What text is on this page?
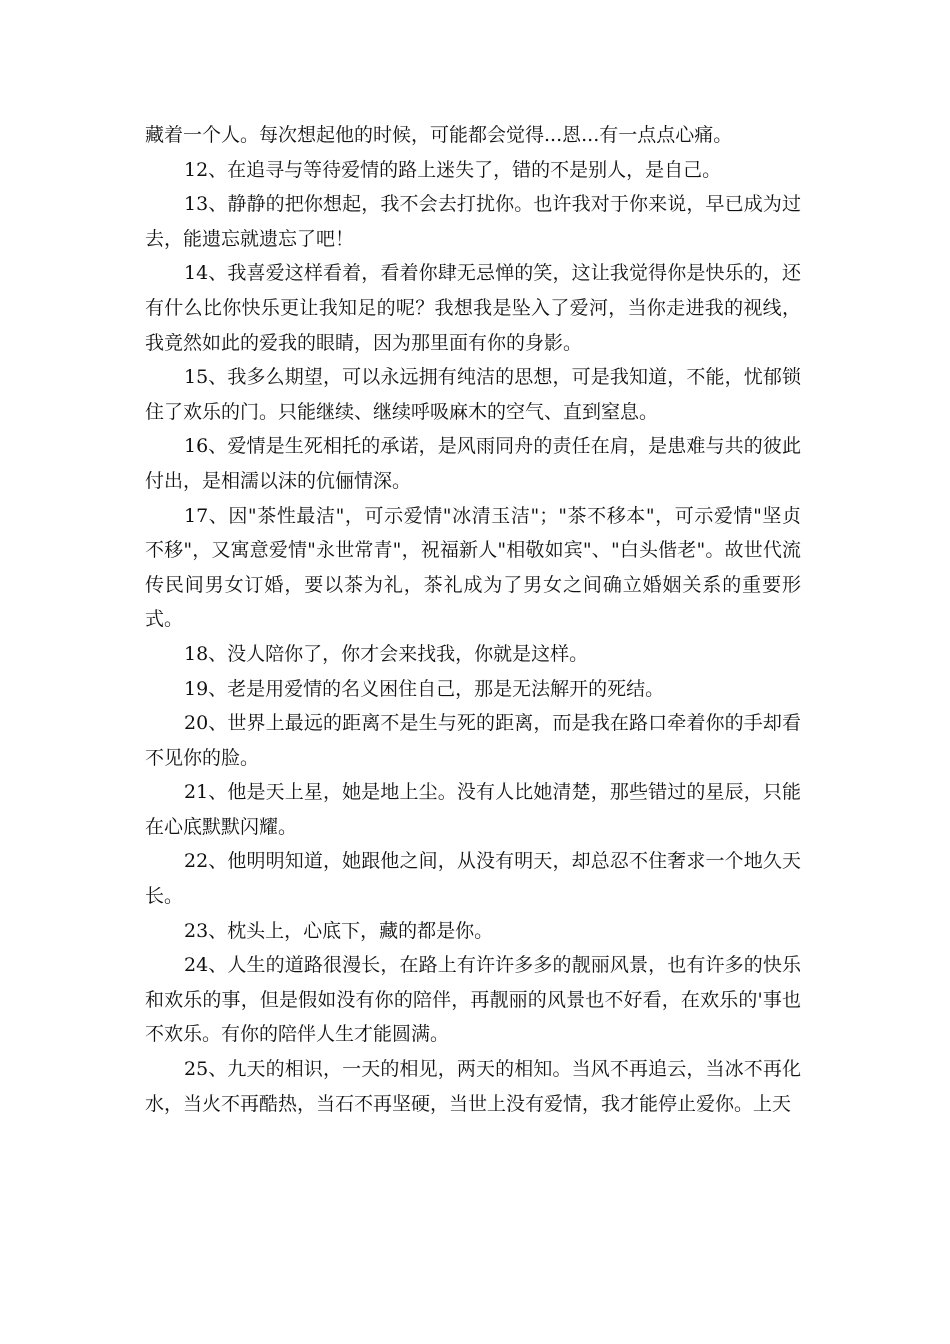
藏着一个人。每次想起他的时候，可能都会觉得...恩...有一点点心痛。

12、在追寻与等待爱情的路上迷失了，错的不是别人，是自己。

13、静静的把你想起，我不会去打扰你。也许我对于你来说，早已成为过去，能遗忘就遗忘了吧！

14、我喜爱这样看着，看着你肆无忌惮的笑，这让我觉得你是快乐的，还有什么比你快乐更让我知足的呢？我想我是坠入了爱河，当你走进我的视线，我竟然如此的爱我的眼睛，因为那里面有你的身影。

15、我多么期望，可以永远拥有纯洁的思想，可是我知道，不能，忧郁锁住了欢乐的门。只能继续、继续呼吸麻木的空气、直到窒息。

16、爱情是生死相托的承诺，是风雨同舟的责任在肩，是患难与共的彼此付出，是相濡以沫的伉俪情深。

17、因"茶性最洁"，可示爱情"冰清玉洁"；"茶不移本"，可示爱情"坚贞不移"，又寓意爱情"永世常青"，祝福新人"相敬如宾"、"白头偕老"。故世代流传民间男女订婚，要以茶为礼，茶礼成为了男女之间确立婚姻关系的重要形式。

18、没人陪你了，你才会来找我，你就是这样。

19、老是用爱情的名义困住自己，那是无法解开的死结。

20、世界上最远的距离不是生与死的距离，而是我在路口牵着你的手却看不见你的脸。

21、他是天上星，她是地上尘。没有人比她清楚，那些错过的星辰，只能在心底默默闪耀。

22、他明明知道，她跟他之间，从没有明天，却总忍不住奢求一个地久天长。

23、枕头上，心底下，藏的都是你。

24、人生的道路很漫长，在路上有许许多多的靓丽风景，也有许多的快乐和欢乐的事，但是假如没有你的陪伴，再靓丽的风景也不好看，在欢乐的'事也不欢乐。有你的陪伴人生才能圆满。

25、九天的相识，一天的相见，两天的相知。当风不再追云，当冰不再化水，当火不再酷热，当石不再坚硬，当世上没有爱情，我才能停止爱你。上天
